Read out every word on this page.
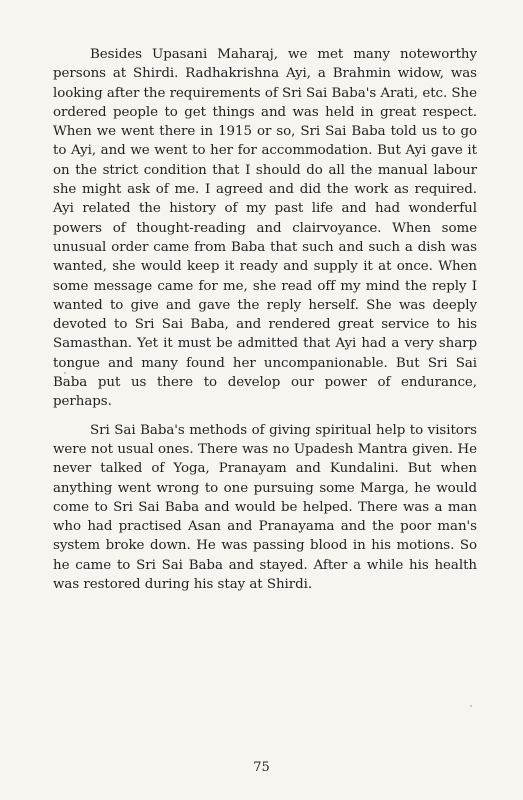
Besides Upasani Maharaj, we met many noteworthy persons at Shirdi. Radhakrishna Ayi, a Brahmin widow, was looking after the requirements of Sri Sai Baba's Arati, etc. She ordered people to get things and was held in great respect. When we went there in 1915 or so, Sri Sai Baba told us to go to Ayi, and we went to her for accommodation. But Ayi gave it on the strict condition that I should do all the manual labour she might ask of me. I agreed and did the work as required. Ayi related the history of my past life and had wonderful powers of thought-reading and clairvoyance. When some unusual order came from Baba that such and such a dish was wanted, she would keep it ready and supply it at once. When some message came for me, she read off my mind the reply I wanted to give and gave the reply herself. She was deeply devoted to Sri Sai Baba, and rendered great service to his Samasthan. Yet it must be admitted that Ayi had a very sharp tongue and many found her uncompanionable. But Sri Sai Baba put us there to develop our power of endurance, perhaps.

Sri Sai Baba's methods of giving spiritual help to visitors were not usual ones. There was no Upadesh Mantra given. He never talked of Yoga, Pranayam and Kundalini. But when anything went wrong to one pursuing some Marga, he would come to Sri Sai Baba and would be helped. There was a man who had practised Asan and Pranayama and the poor man's system broke down. He was passing blood in his motions. So he came to Sri Sai Baba and stayed. After a while his health was restored during his stay at Shirdi.

75
